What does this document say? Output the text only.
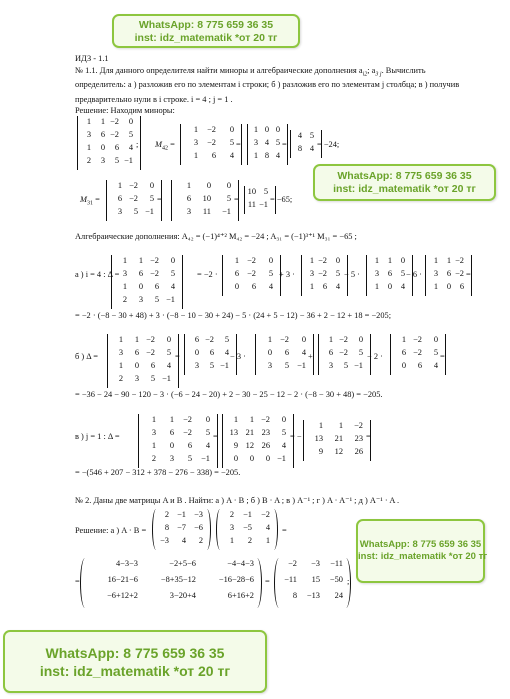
WhatsApp: 8 775 659 36 35
inst: idz_matematik *от 20 тг
WhatsApp: 8 775 659 36 35
inst: idz_matematik *от 20 тг
WhatsApp: 8 775 659 36 35
inst: idz_matematik *от 20 тг
WhatsApp: 8 775 659 36 35
inst: idz_matematik *от 20 тг
ИДЗ - 1.1
№ 1.1. Для данного определителя найти миноры и алгебраические дополнения $a_{i2}$; $a_{3 j}$. Вычислить
определитель: а ) разложив его по элементам i строки; б ) разложив его по элементам j столбца; в ) получив
предварительно нули в i строке. i = 4 ; j = 1 .
Решение: Находим миноры:
1	1 −2	0
3	6 −2	5
1	0	6	4
2	3	5 −1
1	−2	0
3	−2	5
1	6	4
1 0 0
3 4 5
1 8 4
4 5
8 4
1 −2	0
6 −2	5
3	5 −1
1	0	0
6	10	5
3	11	−1
10 5
11 −1
1	1 −2	0
3	6 −2	5
1	0	6	4
2	3	5 −1
1 −2	0
6 −2	5
0	6	4
1 −2	0
3 −2	5
1	6	4
1	1	0
3	6	5
1	0	4
1	1 −2
3	6 −2
1	0	6
1	1 −2	0
3	6 −2	5
1	0	6	4
2	3	5 −1
6 −2	5
0	6	4
3	5 −1
1 −2	0
0	6	4
3	5 −1
1 −2	0
6 −2	5
3	5 −1
1 −2	0
6 −2	5
0	6	4
1	1	−2	0
3	6	−2	5
1	0	6	4
2	3	5	−1
1	1 −2	0
13 21 23	5
9 12 26	4
0	0	0 −1
1	1	−2
13	21	23
9	12	26
2 −1 −3
8 −7 −6
−3	4	2
2	−1	−2
3	−5	4
1	2	1
4−3−3	−2+5−6	−4−4−3
16−21−6	−8+35−12	−16−28−6
−6+12+2	3−20+4	6+16+2
−2	−3	−11
−11	15	−50
8	−13	24
; $M_{42}$ =	=	=	= −24;
$M_{31}$ =	=	=	= −65;
Алгебраические дополнения: A₄₂ = (−1)⁴⁺² M₄₂ = −24 ; A₃₁ = (−1)³⁺¹ M₃₁ = −65 ;
а ) i = 4 : Δ =	= −2 ·	+ 3 ·	− 5 ·	− 6 ·	=
= −2 · (−8 − 30 + 48) + 3 · (−8 − 10 − 30 + 24) − 5 · (24 + 5 − 12) − 36 + 2 − 12 + 18 = −205;
б ) Δ =	=	− 3 ·	+	− 2 ·	=
= −36 − 24 − 90 − 120 − 3 · (−6 − 24 − 20) + 2 − 30 − 25 − 12 − 2 · (−8 − 30 + 48) = −205.
в ) j = 1 : Δ =	=	= −	=
= −(546 + 207 − 312 + 378 − 276 − 338) = −205.
№ 2. Даны две матрицы A и B . Найти: а ) A · B ; б ) B · A ; в ) A⁻¹ ; г ) A · A⁻¹ ; д ) A⁻¹ · A .
Решение: а ) A · B =	=
=	=	;
